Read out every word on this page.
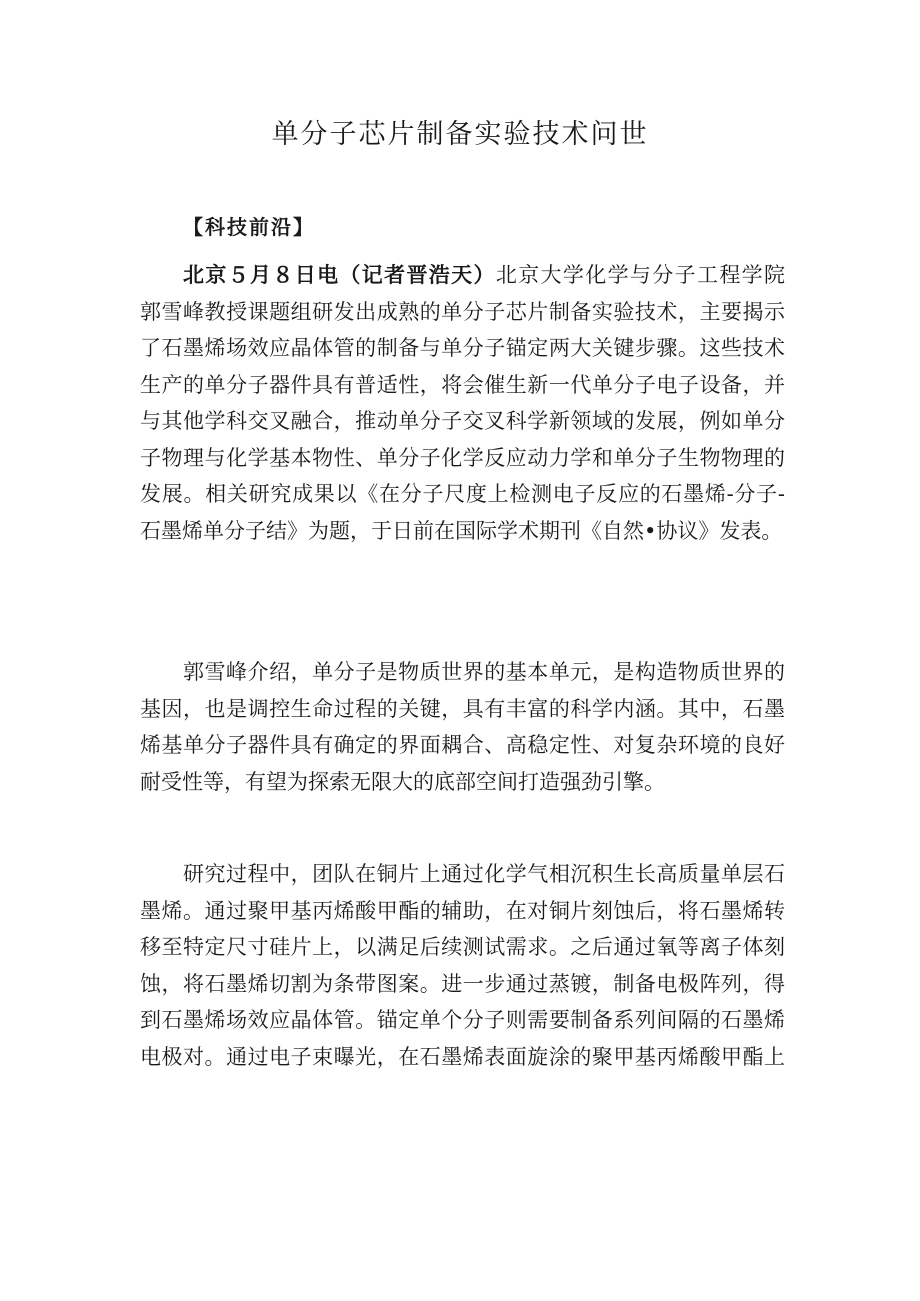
单分子芯片制备实验技术问世
【科技前沿】
北京５月８日电（记者晋浩天）北京大学化学与分子工程学院
郭雪峰教授课题组研发出成熟的单分子芯片制备实验技术，主要揭示
了石墨烯场效应晶体管的制备与单分子锚定两大关键步骤。这些技术
生产的单分子器件具有普适性，将会催生新一代单分子电子设备，并
与其他学科交叉融合，推动单分子交叉科学新领域的发展，例如单分
子物理与化学基本物性、单分子化学反应动力学和单分子生物物理的
发展。相关研究成果以《在分子尺度上检测电子反应的石墨烯-分子-
石墨烯单分子结》为题，于日前在国际学术期刊《自然•协议》发表。
郭雪峰介绍，单分子是物质世界的基本单元，是构造物质世界的
基因，也是调控生命过程的关键，具有丰富的科学内涵。其中，石墨
烯基单分子器件具有确定的界面耦合、高稳定性、对复杂环境的良好
耐受性等，有望为探索无限大的底部空间打造强劲引擎。
研究过程中，团队在铜片上通过化学气相沉积生长高质量单层石
墨烯。通过聚甲基丙烯酸甲酯的辅助，在对铜片刻蚀后，将石墨烯转
移至特定尺寸硅片上，以满足后续测试需求。之后通过氧等离子体刻
蚀，将石墨烯切割为条带图案。进一步通过蒸镀，制备电极阵列，得
到石墨烯场效应晶体管。锚定单个分子则需要制备系列间隔的石墨烯
电极对。通过电子束曝光，在石墨烯表面旋涂的聚甲基丙烯酸甲酯上
